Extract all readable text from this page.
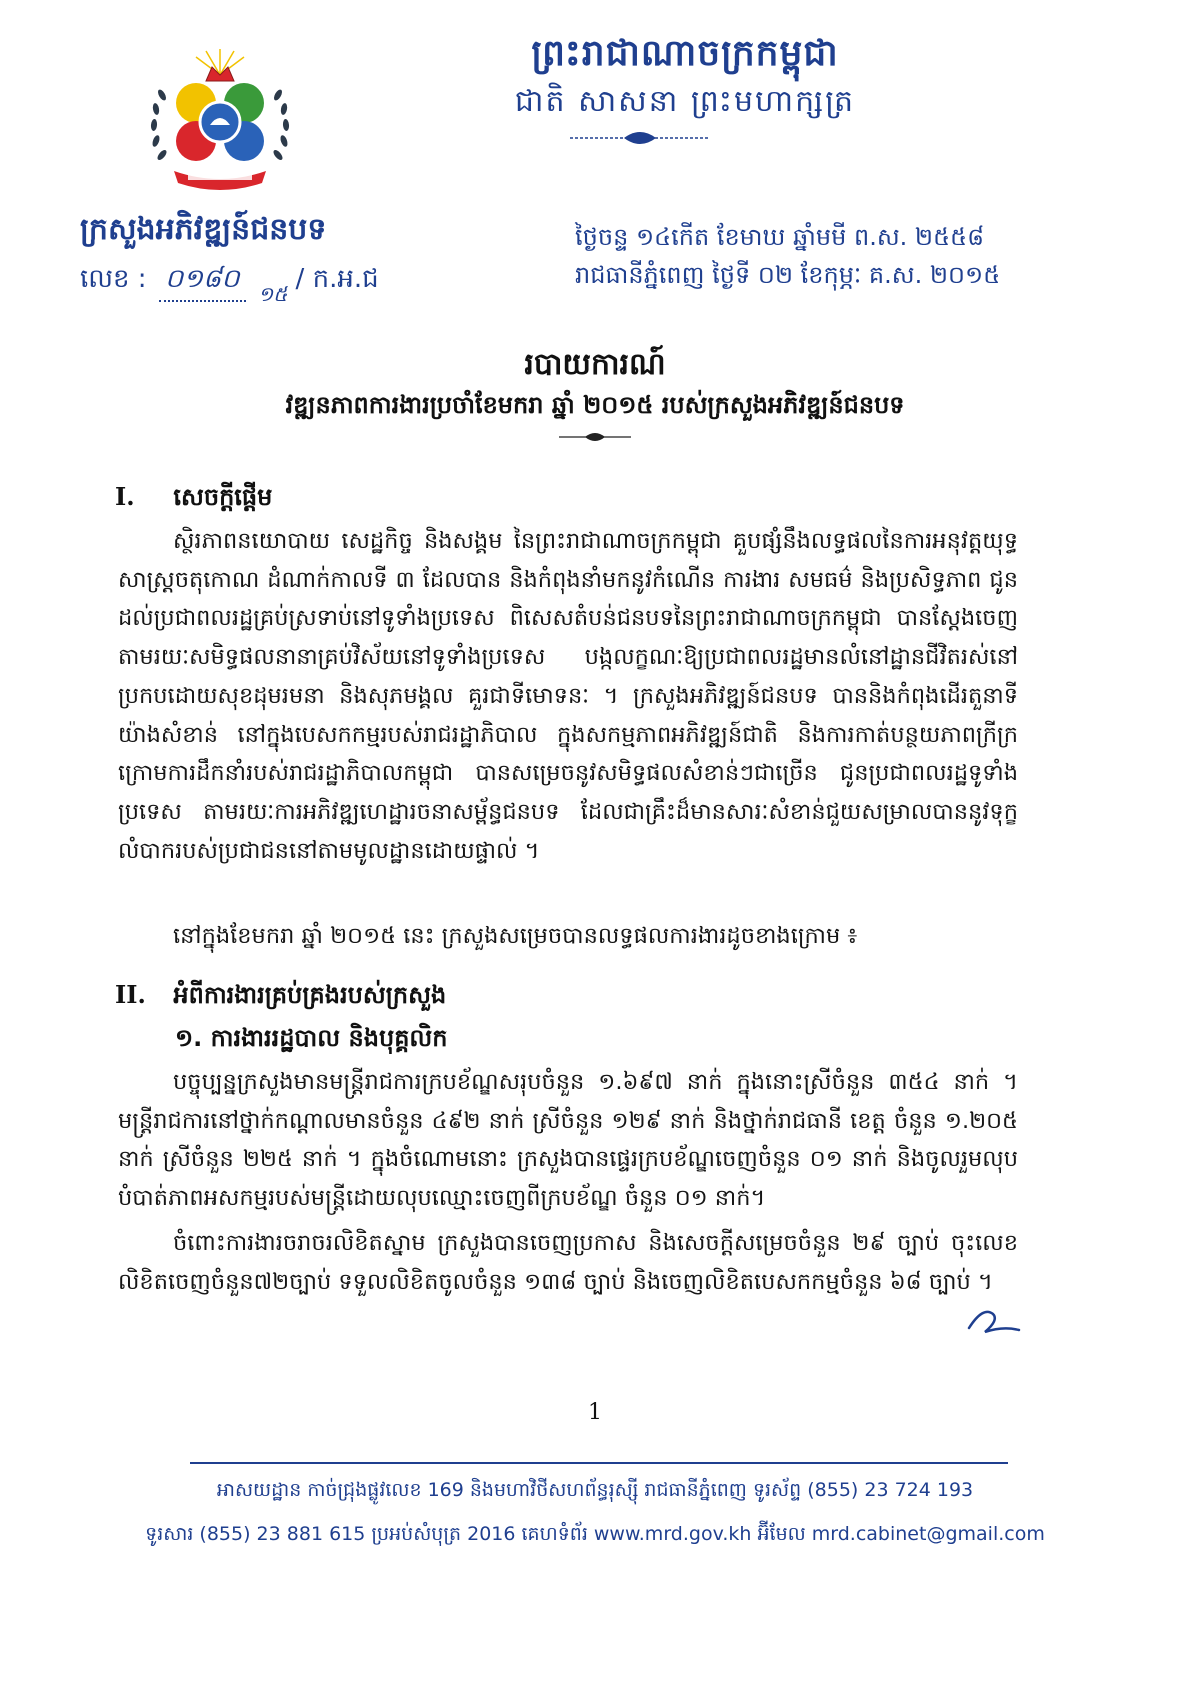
ព្រះរាជាណាចក្រកម្ពុជា
ជាតិ សាសនា ព្រះមហាក្សត្រ
ក្រសួងអភិវឌ្ឍន៍ជនបទ
លេខ : ០១៨០ ១៥ / ក.អ.ជ
ថ្ងៃចន្ទ ១៤កើត ខែមាឃ ឆ្នាំមមី ព.ស. ២៥៥៨
រាជធានីភ្នំពេញ ថ្ងៃទី ០២ ខែកុម្ភៈ គ.ស. ២០១៥
របាយការណ៍
វឌ្ឍនភាពការងារប្រចាំខែមករា ឆ្នាំ ២០១៥ របស់ក្រសួងអភិវឌ្ឍន៍ជនបទ
I. សេចក្តីផ្តើម
ស្ថិរភាពនយោបាយ សេដ្ឋកិច្ច និងសង្គម នៃព្រះរាជាណាចក្រកម្ពុជា គួបផ្សំនឹងលទ្ធផលនៃការអនុវត្តយុទ្ធសាស្ត្រចតុកោណ ដំណាក់កាលទី ៣ ដែលបាន និងកំពុងនាំមកនូវកំណើន ការងារ សមធម៌ និងប្រសិទ្ធភាព ជូនដល់ប្រជាពលរដ្ឋគ្រប់ស្រទាប់នៅទូទាំងប្រទេស ពិសេសតំបន់ជនបទនៃព្រះរាជាណាចក្រកម្ពុជា បានស្តែងចេញតាមរយៈសមិទ្ធផលនានាគ្រប់វិស័យនៅទូទាំងប្រទេស បង្កលក្ខណៈឱ្យប្រជាពលរដ្ឋមានលំនៅដ្ឋានជីវិតរស់នៅប្រកបដោយសុខដុមរមនា និងសុភមង្គល គួរជាទីមោទនៈ ។ ក្រសួងអភិវឌ្ឍន៍ជនបទ បាននិងកំពុងដើរតួនាទីយ៉ាងសំខាន់ នៅក្នុងបេសកកម្មរបស់រាជរដ្ឋាភិបាល ក្នុងសកម្មភាពអភិវឌ្ឍន៍ជាតិ និងការកាត់បន្ថយភាពក្រីក្រ ក្រោមការដឹកនាំរបស់រាជរដ្ឋាភិបាលកម្ពុជា បានសម្រេចនូវសមិទ្ធផលសំខាន់ៗជាច្រើន ជូនប្រជាពលរដ្ឋទូទាំងប្រទេស តាមរយៈការអភិវឌ្ឍហេដ្ឋារចនាសម្ព័ន្ធជនបទ ដែលជាគ្រឹះដ៏មានសារៈសំខាន់ជួយសម្រាលបាននូវទុក្ខលំបាករបស់ប្រជាជននៅតាមមូលដ្ឋានដោយផ្ទាល់ ។
នៅក្នុងខែមករា ឆ្នាំ ២០១៥ នេះ ក្រសួងសម្រេចបានលទ្ធផលការងារដូចខាងក្រោម ៖
II. អំពីការងារគ្រប់គ្រងរបស់ក្រសួង
១. ការងាររដ្ឋបាល និងបុគ្គលិក
បច្ចុប្បន្នក្រសួងមានមន្ត្រីរាជការក្របខ័ណ្ឌសរុបចំនួន ១.៦៩៧ នាក់ ក្នុងនោះស្រីចំនួន ៣៥៤ នាក់ ។ មន្ត្រីរាជការនៅថ្នាក់កណ្តាលមានចំនួន ៤៩២ នាក់ ស្រីចំនួន ១២៩ នាក់ និងថ្នាក់រាជធានី ខេត្ត ចំនួន ១.២០៥ នាក់ ស្រីចំនួន ២២៥ នាក់ ។ ក្នុងចំណោមនោះ ក្រសួងបានផ្ទេរក្របខ័ណ្ឌចេញចំនួន ០១ នាក់ និងចូលរួមលុបបំបាត់ភាពអសកម្មរបស់មន្ត្រីដោយលុបឈ្មោះចេញពីក្របខ័ណ្ឌ ចំនួន ០១ នាក់។
ចំពោះការងារចរាចរលិខិតស្នាម ក្រសួងបានចេញប្រកាស និងសេចក្តីសម្រេចចំនួន ២៩ ច្បាប់ ចុះលេខលិខិតចេញចំនួន៧២ច្បាប់ ទទួលលិខិតចូលចំនួន ១៣៨ ច្បាប់ និងចេញលិខិតបេសកកម្មចំនួន ៦៨ ច្បាប់ ។
1
អាសយដ្ឋាន កាច់ជ្រុងផ្លូវលេខ 169 និងមហាវិថីសហព័ន្ធរុស្ស៊ី រាជធានីភ្នំពេញ ទូរស័ព្ទ (855) 23 724 193
ទូរសារ (855) 23 881 615 ប្រអប់សំបុត្រ 2016 គេហទំព័រ www.mrd.gov.kh អ៊ីមែល mrd.cabinet@gmail.com
